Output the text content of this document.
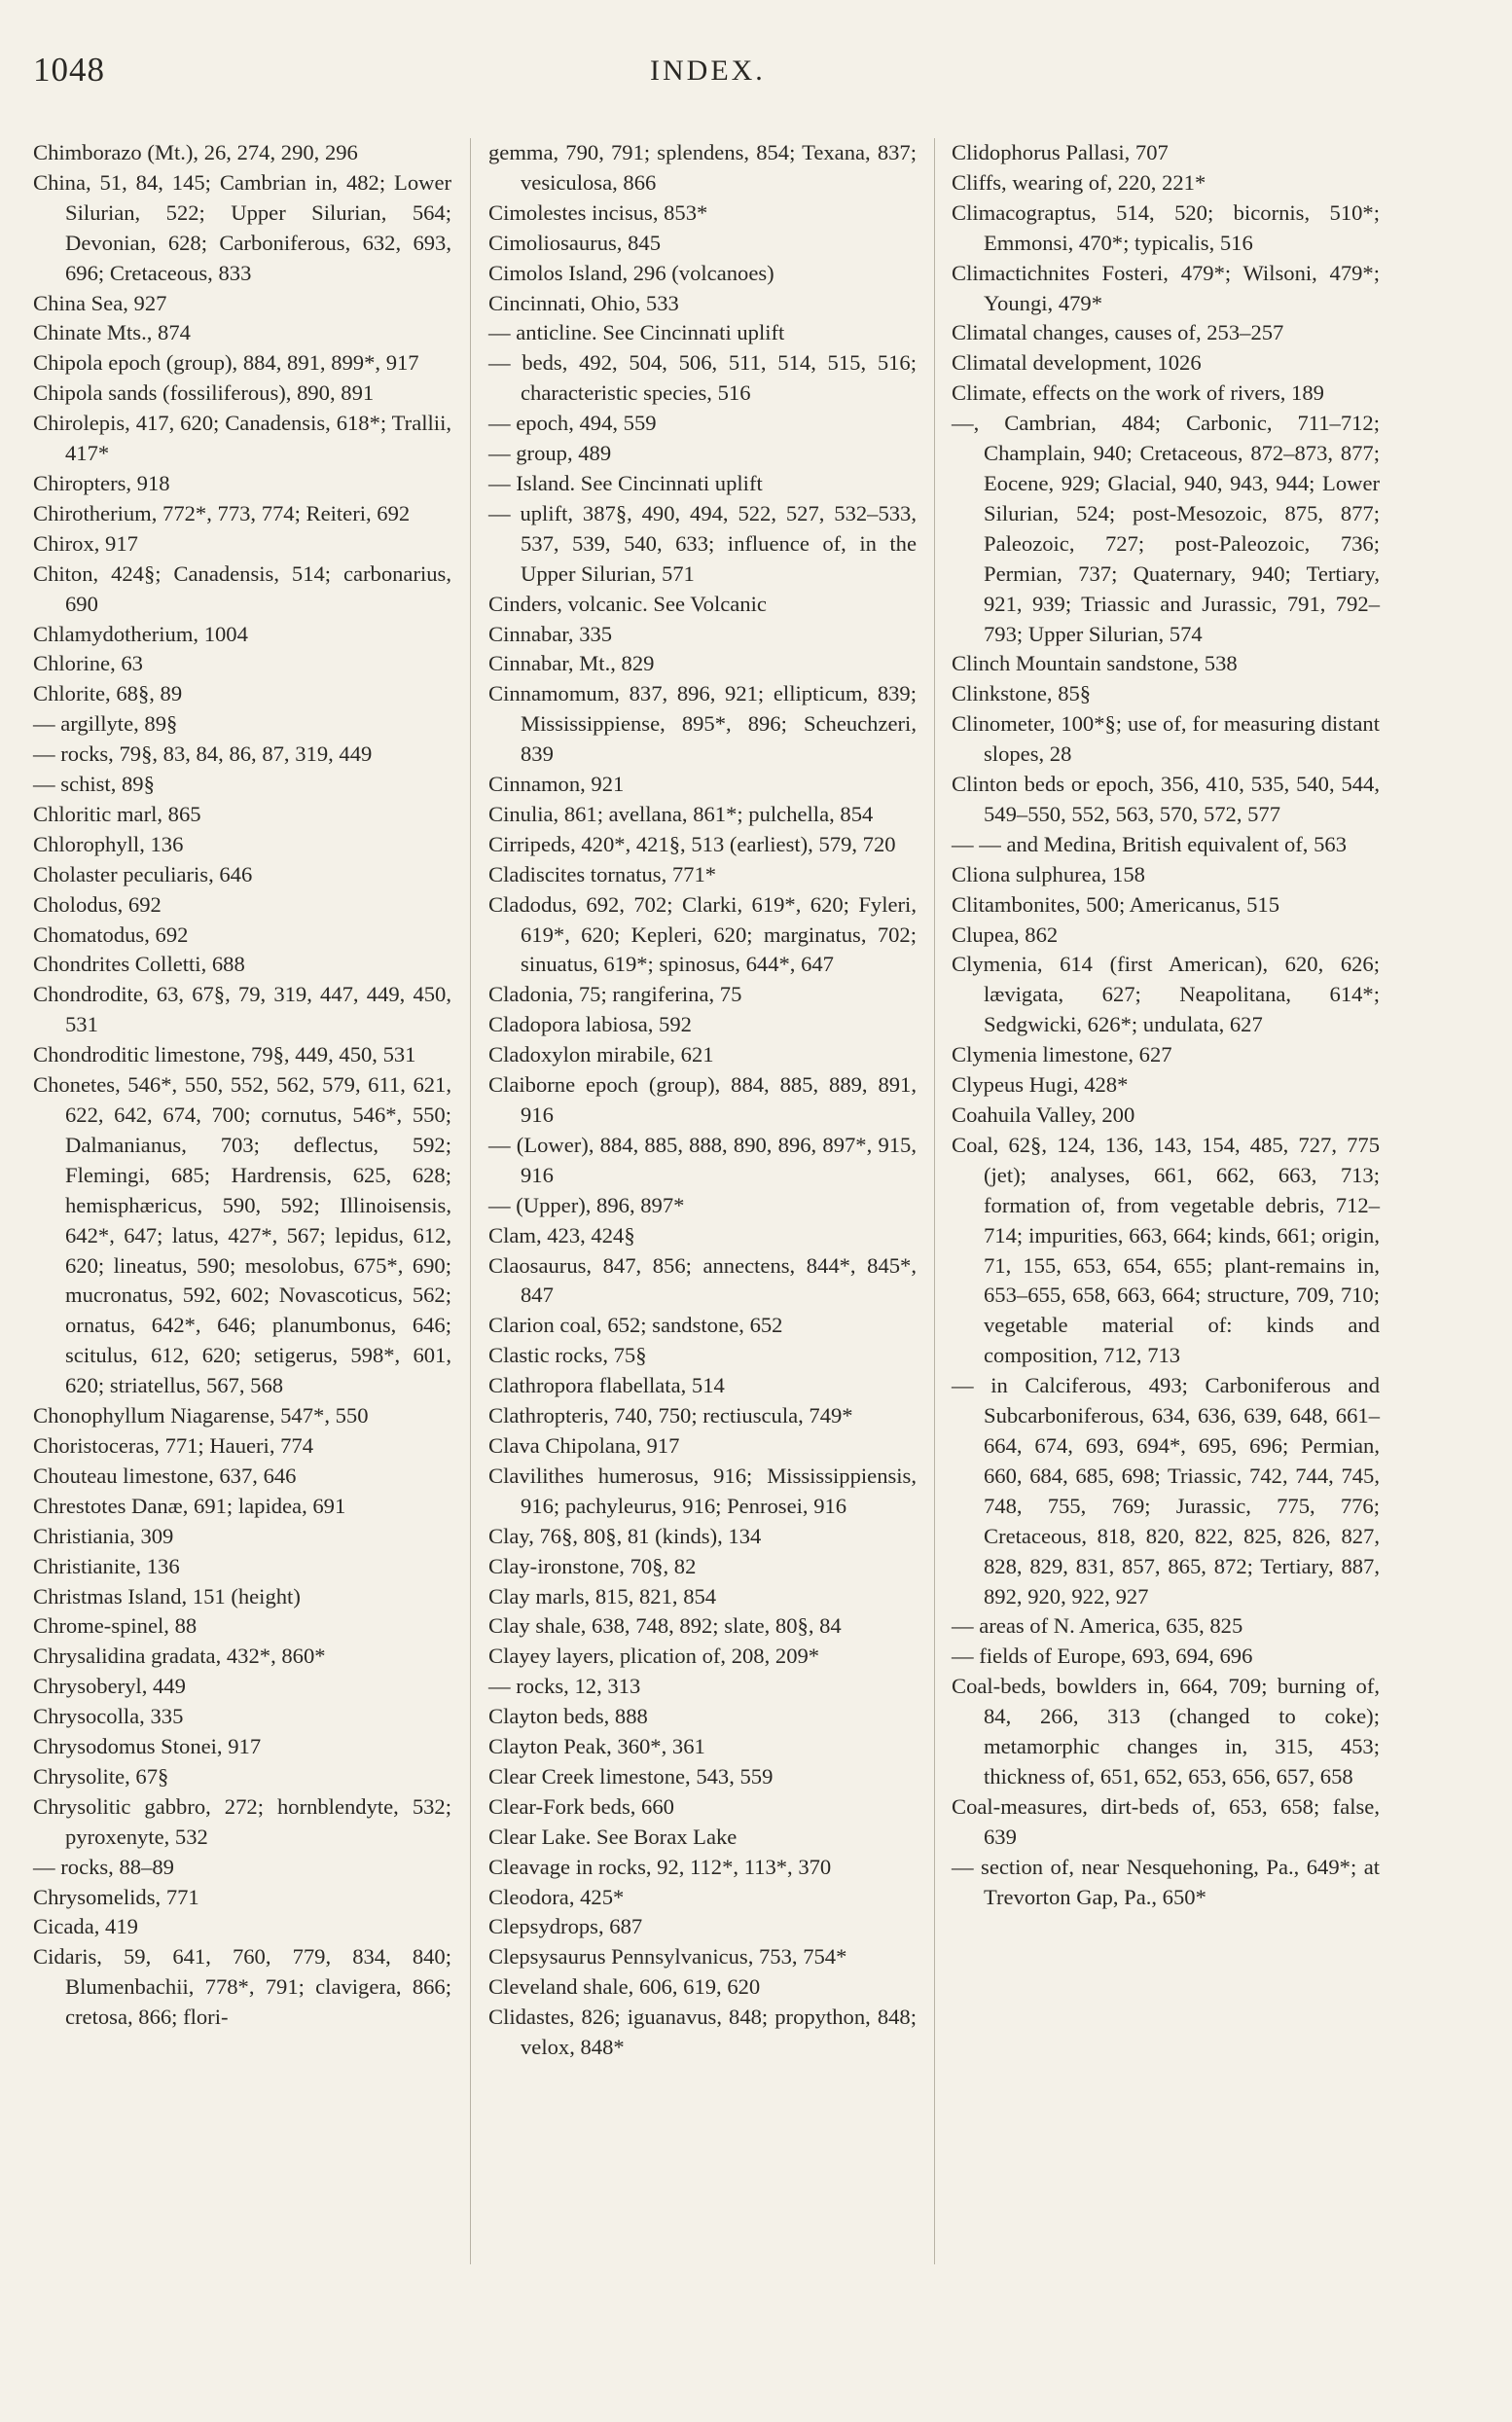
1048	INDEX.

Chimborazo (Mt.), 26, 274, 290, 296

China, 51, 84, 145; Cambrian in, 482; Lower Silurian, 522; Upper Silurian, 564; Devonian, 628; Carboniferous, 632, 693, 696; Cretaceous, 833

China Sea, 927

Chinate Mts., 874

Chipola epoch (group), 884, 891, 899*, 917

Chipola sands (fossiliferous), 890, 891

Chirolepis, 417, 620; Canadensis, 618*; Trallii, 417*

Chiropters, 918

Chirotherium, 772*, 773, 774; Reiteri, 692

Chirox, 917

Chiton, 424§; Canadensis, 514; carbonarius, 690

Chlamydotherium, 1004

Chlorine, 63

Chlorite, 68§, 89

— argillyte, 89§

— rocks, 79§, 83, 84, 86, 87, 319, 449

— schist, 89§

Chloritic marl, 865

Chlorophyll, 136

Cholaster peculiaris, 646

Cholodus, 692

Chomatodus, 692

Chondrites Colletti, 688

Chondrodite, 63, 67§, 79, 319, 447, 449, 450, 531

Chondroditic limestone, 79§, 449, 450, 531

Chonetes, 546*, 550, 552, 562, 579, 611, 621, 622, 642, 674, 700; cornutus, 546*, 550; Dalmanianus, 703; deflectus, 592; Flemingi, 685; Hardrensis, 625, 628; hemisphæricus, 590, 592; Illinoisensis, 642*, 647; latus, 427*, 567; lepidus, 612, 620; lineatus, 590; mesolobus, 675*, 690; mucronatus, 592, 602; Novascoticus, 562; ornatus, 642*, 646; planumbonus, 646; scitulus, 612, 620; setigerus, 598*, 601, 620; striatellus, 567, 568

Chonophyllum Niagarense, 547*, 550

Choristoceras, 771; Haueri, 774

Chouteau limestone, 637, 646

Chrestotes Danæ, 691; lapidea, 691

Christiania, 309

Christianite, 136

Christmas Island, 151 (height)

Chrome-spinel, 88

Chrysalidina gradata, 432*, 860*

Chrysoberyl, 449

Chrysocolla, 335

Chrysodomus Stonei, 917

Chrysolite, 67§

Chrysolitic gabbro, 272; hornblendyte, 532; pyroxenyte, 532

— rocks, 88–89

Chrysomelids, 771

Cicada, 419

Cidaris, 59, 641, 760, 779, 834, 840; Blumenbachii, 778*, 791; clavigera, 866; cretosa, 866; flori-

gemma, 790, 791; splendens, 854; Texana, 837; vesiculosa, 866

Cimolestes incisus, 853*

Cimoliosaurus, 845

Cimolos Island, 296 (volcanoes)

Cincinnati, Ohio, 533

— anticline. See Cincinnati uplift

— beds, 492, 504, 506, 511, 514, 515, 516; characteristic species, 516

— epoch, 494, 559

— group, 489

— Island. See Cincinnati uplift

— uplift, 387§, 490, 494, 522, 527, 532–533, 537, 539, 540, 633; influence of, in the Upper Silurian, 571

Cinders, volcanic. See Volcanic

Cinnabar, 335

Cinnabar, Mt., 829

Cinnamomum, 837, 896, 921; ellipticum, 839; Mississippiense, 895*, 896; Scheuchzeri, 839

Cinnamon, 921

Cinulia, 861; avellana, 861*; pulchella, 854

Cirripeds, 420*, 421§, 513 (earliest), 579, 720

Cladiscites tornatus, 771*

Cladodus, 692, 702; Clarki, 619*, 620; Fyleri, 619*, 620; Kepleri, 620; marginatus, 702; sinuatus, 619*; spinosus, 644*, 647

Cladonia, 75; rangiferina, 75

Cladopora labiosa, 592

Cladoxylon mirabile, 621

Claiborne epoch (group), 884, 885, 889, 891, 916

— (Lower), 884, 885, 888, 890, 896, 897*, 915, 916

— (Upper), 896, 897*

Clam, 423, 424§

Claosaurus, 847, 856; annectens, 844*, 845*, 847

Clarion coal, 652; sandstone, 652

Clastic rocks, 75§

Clathropora flabellata, 514

Clathropteris, 740, 750; rectiuscula, 749*

Clava Chipolana, 917

Clavilithes humerosus, 916; Mississippiensis, 916; pachyleurus, 916; Penrosei, 916

Clay, 76§, 80§, 81 (kinds), 134

Clay-ironstone, 70§, 82

Clay marls, 815, 821, 854

Clay shale, 638, 748, 892; slate, 80§, 84

Clayey layers, plication of, 208, 209*

— rocks, 12, 313

Clayton beds, 888

Clayton Peak, 360*, 361

Clear Creek limestone, 543, 559

Clear-Fork beds, 660

Clear Lake. See Borax Lake

Cleavage in rocks, 92, 112*, 113*, 370

Cleodora, 425*

Clepsydrops, 687

Clepsysaurus Pennsylvanicus, 753, 754*

Cleveland shale, 606, 619, 620

Clidastes, 826; iguanavus, 848; propython, 848; velox, 848*

Clidophorus Pallasi, 707

Cliffs, wearing of, 220, 221*

Climacograptus, 514, 520; bicornis, 510*; Emmonsi, 470*; typicalis, 516

Climactichnites Fosteri, 479*; Wilsoni, 479*; Youngi, 479*

Climatal changes, causes of, 253–257

Climatal development, 1026

Climate, effects on the work of rivers, 189

—, Cambrian, 484; Carbonic, 711–712; Champlain, 940; Cretaceous, 872–873, 877; Eocene, 929; Glacial, 940, 943, 944; Lower Silurian, 524; post-Mesozoic, 875, 877; Paleozoic, 727; post-Paleozoic, 736; Permian, 737; Quaternary, 940; Tertiary, 921, 939; Triassic and Jurassic, 791, 792–793; Upper Silurian, 574

Clinch Mountain sandstone, 538

Clinkstone, 85§

Clinometer, 100*§; use of, for measuring distant slopes, 28

Clinton beds or epoch, 356, 410, 535, 540, 544, 549–550, 552, 563, 570, 572, 577

— — and Medina, British equivalent of, 563

Cliona sulphurea, 158

Clitambonites, 500; Americanus, 515

Clupea, 862

Clymenia, 614 (first American), 620, 626; lævigata, 627; Neapolitana, 614*; Sedgwicki, 626*; undulata, 627

Clymenia limestone, 627

Clypeus Hugi, 428*

Coahuila Valley, 200

Coal, 62§, 124, 136, 143, 154, 485, 727, 775 (jet); analyses, 661, 662, 663, 713; formation of, from vegetable debris, 712–714; impurities, 663, 664; kinds, 661; origin, 71, 155, 653, 654, 655; plant-remains in, 653–655, 658, 663, 664; structure, 709, 710; vegetable material of: kinds and composition, 712, 713

— in Calciferous, 493; Carboniferous and Subcarboniferous, 634, 636, 639, 648, 661–664, 674, 693, 694*, 695, 696; Permian, 660, 684, 685, 698; Triassic, 742, 744, 745, 748, 755, 769; Jurassic, 775, 776; Cretaceous, 818, 820, 822, 825, 826, 827, 828, 829, 831, 857, 865, 872; Tertiary, 887, 892, 920, 922, 927

— areas of N. America, 635, 825

— fields of Europe, 693, 694, 696

Coal-beds, bowlders in, 664, 709; burning of, 84, 266, 313 (changed to coke); metamorphic changes in, 315, 453; thickness of, 651, 652, 653, 656, 657, 658

Coal-measures, dirt-beds of, 653, 658; false, 639

— section of, near Nesquehoning, Pa., 649*; at Trevorton Gap, Pa., 650*
